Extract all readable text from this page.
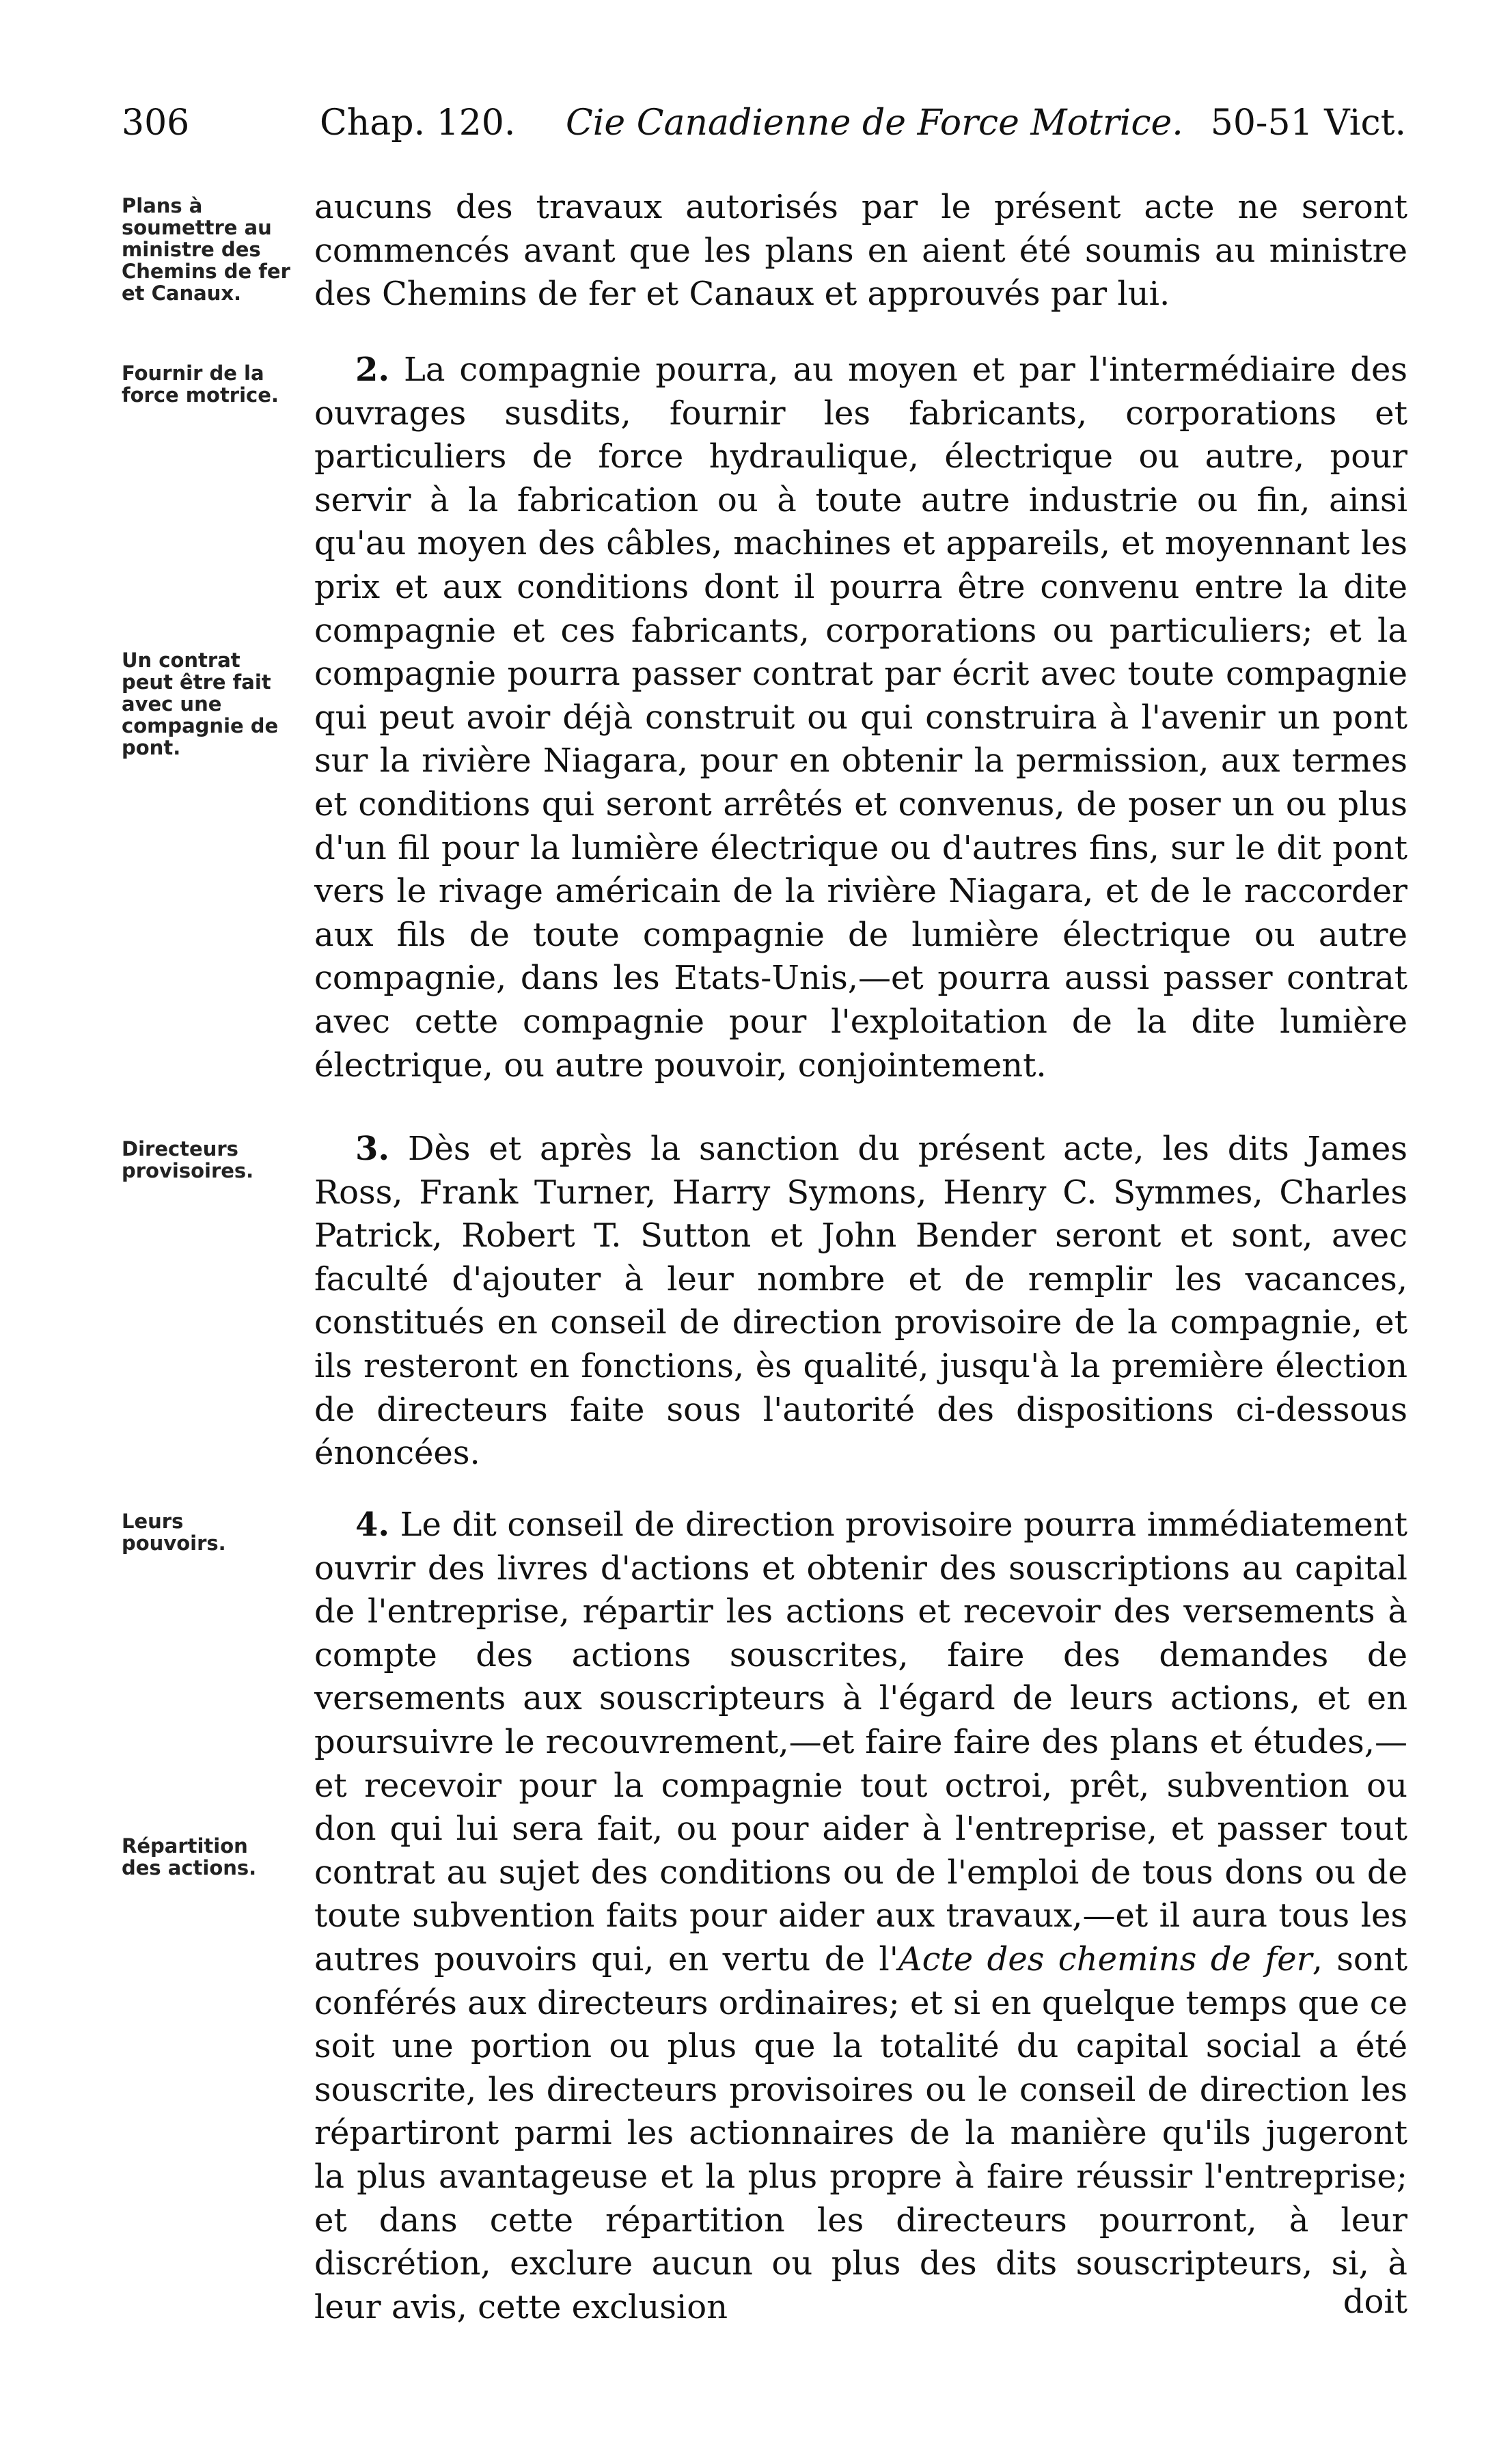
306	Chap. 120. Cie Canadienne de Force Motrice. 50-51 Vict.
Plans à soumettre au ministre des Chemins de fer et Canaux.
Fournir de la force motrice.
Un contrat peut être fait avec une compagnie de pont.
Directeurs provisoires.
Leurs pouvoirs.
Répartition des actions.

aucuns des travaux autorisés par le présent acte ne seront commencés avant que les plans en aient été soumis au ministre des Chemins de fer et Canaux et approuvés par lui.

2. La compagnie pourra, au moyen et par l'intermédiaire des ouvrages susdits, fournir les fabricants, corporations et particuliers de force hydraulique, électrique ou autre, pour servir à la fabrication ou à toute autre industrie ou fin, ainsi qu'au moyen des câbles, machines et appareils, et moyennant les prix et aux conditions dont il pourra être convenu entre la dite compagnie et ces fabricants, corporations ou particuliers; et la compagnie pourra passer contrat par écrit avec toute compagnie qui peut avoir déjà construit ou qui construira à l'avenir un pont sur la rivière Niagara, pour en obtenir la permission, aux termes et conditions qui seront arrêtés et convenus, de poser un ou plus d'un fil pour la lumière électrique ou d'autres fins, sur le dit pont vers le rivage américain de la rivière Niagara, et de le raccorder aux fils de toute compagnie de lumière électrique ou autre compagnie, dans les Etats-Unis,—et pourra aussi passer contrat avec cette compagnie pour l'exploitation de la dite lumière électrique, ou autre pouvoir, conjointement.

3. Dès et après la sanction du présent acte, les dits James Ross, Frank Turner, Harry Symons, Henry C. Symmes, Charles Patrick, Robert T. Sutton et John Bender seront et sont, avec faculté d'ajouter à leur nombre et de remplir les vacances, constitués en conseil de direction provisoire de la compagnie, et ils resteront en fonctions, ès qualité, jusqu'à la première élection de directeurs faite sous l'autorité des dispositions ci-dessous énoncées.

4. Le dit conseil de direction provisoire pourra immédiatement ouvrir des livres d'actions et obtenir des souscriptions au capital de l'entreprise, répartir les actions et recevoir des versements à compte des actions souscrites, faire des demandes de versements aux souscripteurs à l'égard de leurs actions, et en poursuivre le recouvrement,—et faire faire des plans et études,—et recevoir pour la compagnie tout octroi, prêt, subvention ou don qui lui sera fait, ou pour aider à l'entreprise, et passer tout contrat au sujet des conditions ou de l'emploi de tous dons ou de toute subvention faits pour aider aux travaux,—et il aura tous les autres pouvoirs qui, en vertu de l'Acte des chemins de fer, sont conférés aux directeurs ordinaires; et si en quelque temps que ce soit une portion ou plus que la totalité du capital social a été souscrite, les directeurs provisoires ou le conseil de direction les répartiront parmi les actionnaires de la manière qu'ils jugeront la plus avantageuse et la plus propre à faire réussir l'entreprise; et dans cette répartition les directeurs pourront, à leur discrétion, exclure aucun ou plus des dits souscripteurs, si, à leur avis, cette exclusion	doit
